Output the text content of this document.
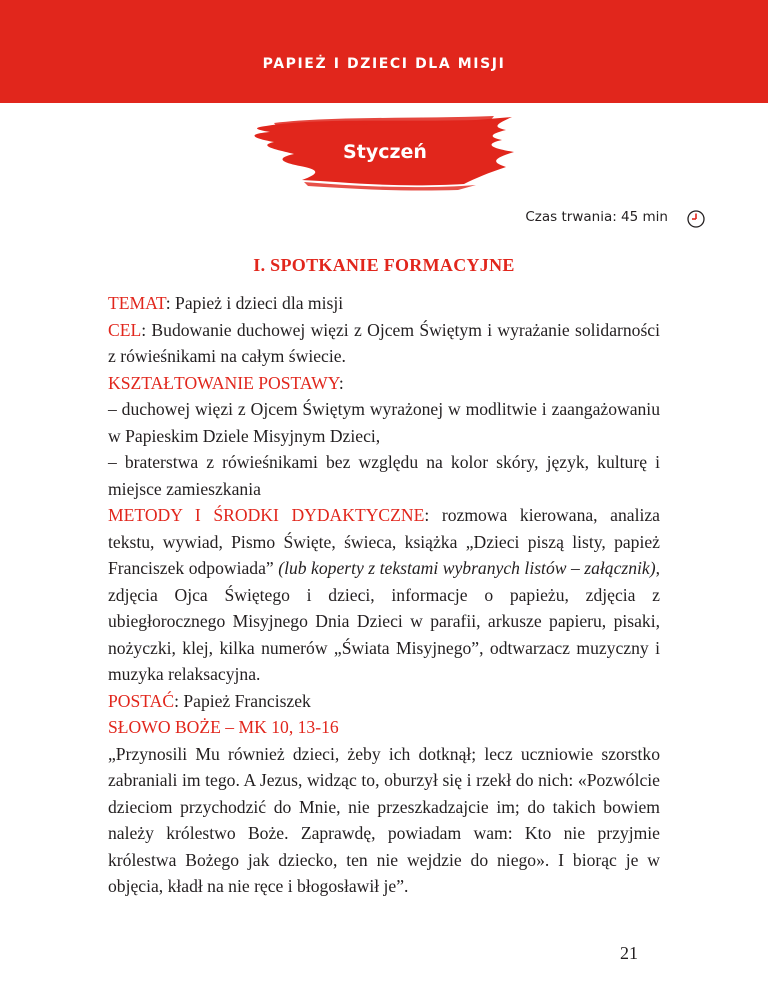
PAPIEŻ I DZIECI DLA MISJI
Styczeń
Czas trwania: 45 min
I. SPOTKANIE FORMACYJNE

TEMAT: Papież i dzieci dla misji

CEL: Budowanie duchowej więzi z Ojcem Świętym i wyrażanie solidarności z rówieśnikami na całym świecie.

KSZTAŁTOWANIE POSTAWY:

– duchowej więzi z Ojcem Świętym wyrażonej w modlitwie i zaangażowaniu w Papieskim Dziele Misyjnym Dzieci,

– braterstwa z rówieśnikami bez względu na kolor skóry, język, kulturę i miejsce zamieszkania

METODY I ŚRODKI DYDAKTYCZNE: rozmowa kierowana, analiza tekstu, wywiad, Pismo Święte, świeca, książka „Dzieci piszą listy, papież Franciszek odpowiada” (lub koperty z tekstami wybranych listów – załącznik), zdjęcia Ojca Świętego i dzieci, informacje o papieżu, zdjęcia z ubiegłorocznego Misyjnego Dnia Dzieci w parafii, arkusze papieru, pisaki, nożyczki, klej, kilka numerów „Świata Misyjnego”, odtwarzacz muzyczny i muzyka relaksacyjna.

POSTAĆ: Papież Franciszek

SŁOWO BOŻE – MK 10, 13-16

„Przynosili Mu również dzieci, żeby ich dotknął; lecz uczniowie szorstko zabraniali im tego. A Jezus, widząc to, oburzył się i rzekł do nich: «Pozwólcie dzieciom przychodzić do Mnie, nie przeszkadzajcie im; do takich bowiem należy królestwo Boże. Zaprawdę, powiadam wam: Kto nie przyjmie królestwa Bożego jak dziecko, ten nie wejdzie do niego». I biorąc je w objęcia, kładł na nie ręce i błogosławił je”.

21
